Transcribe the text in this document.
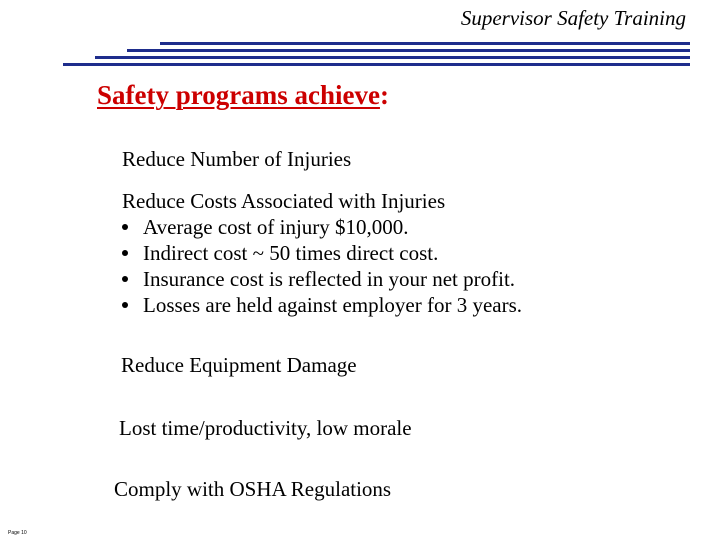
Supervisor Safety Training
Safety programs achieve:
Reduce Number of Injuries
Reduce Costs Associated with Injuries
Average cost of injury $10,000.
Indirect cost ~ 50 times direct cost.
Insurance cost is reflected in your net profit.
Losses are held against employer for 3 years.
Reduce Equipment Damage
Lost time/productivity, low morale
Comply with OSHA Regulations
Page 10
